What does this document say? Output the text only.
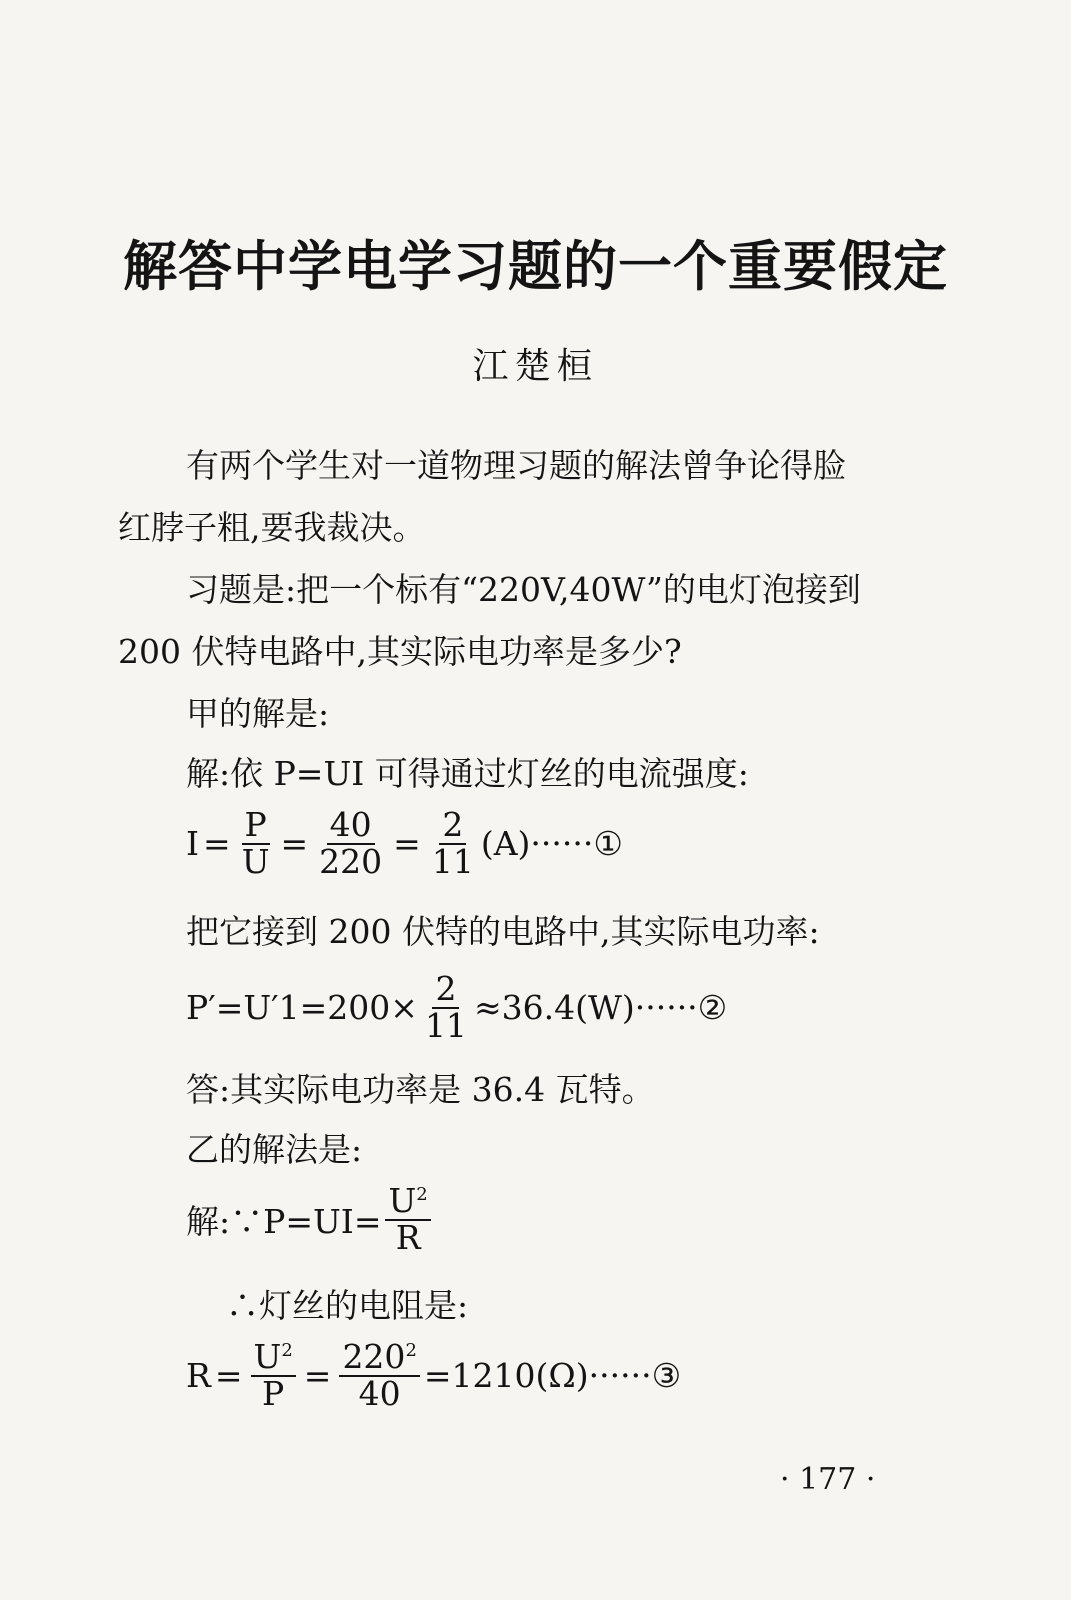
解答中学电学习题的一个重要假定
江楚桓
有两个学生对一道物理习题的解法曾争论得脸
红脖子粗,要我裁决。
习题是:把一个标有“220V,40W”的电灯泡接到
200 伏特电路中,其实际电功率是多少?
甲的解是:
解:依 P=UI 可得通过灯丝的电流强度:
$I = \frac{P}{U} = \frac{40}{220} = \frac{2}{11}$ (A)······①
把它接到 200 伏特的电路中,其实际电功率:
$P'=U'1=200\times \frac{2}{11}$ ≈36.4(W)······②
答:其实际电功率是 36.4 瓦特。
乙的解法是:
解:∵P=UI= $\frac{U^2}{R}$
∴灯丝的电阻是:
$R = \frac{U^2}{P} = \frac{220^2}{40}$ =1210(Ω)······③
· 177 ·
